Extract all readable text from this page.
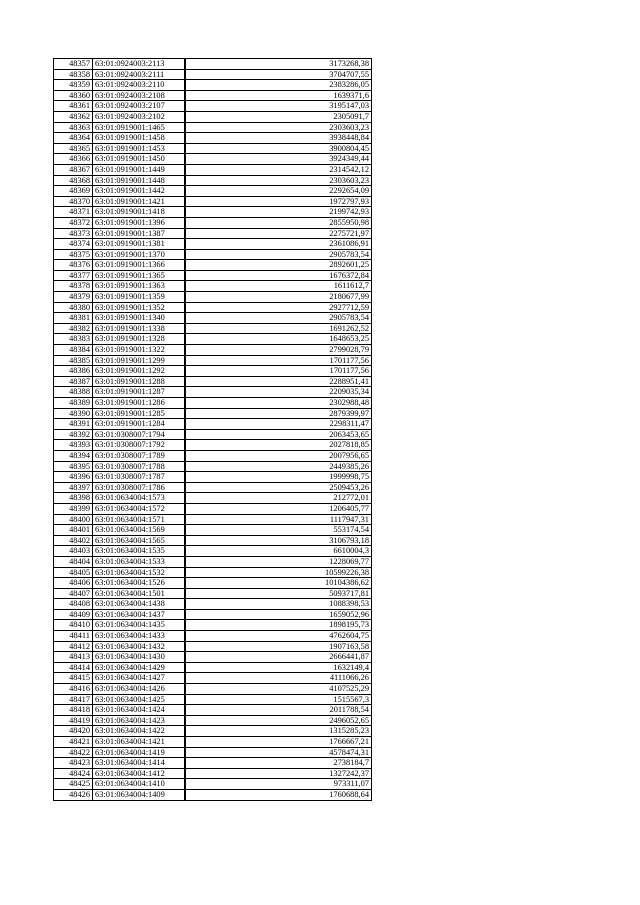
48357	63:01:0924003:2113	3173268,38
48358	63:01:0924003:2111	3704707,55
48359	63:01:0924003:2110	2383286,05
48360	63:01:0924003:2108	1639371,6
48361	63:01:0924003:2107	3195147,03
48362	63:01:0924003:2102	2305091,7
48363	63:01:0919001:1465	2303603,23
48364	63:01:0919001:1458	3938448,84
48365	63:01:0919001:1453	3900804,45
48366	63:01:0919001:1450	3924349,44
48367	63:01:0919001:1449	2314542,12
48368	63:01:0919001:1448	2303603,23
48369	63:01:0919001:1442	2292654,09
48370	63:01:0919001:1421	1972797,93
48371	63:01:0919001:1418	2199742,93
48372	63:01:0919001:1396	2855950,98
48373	63:01:0919001:1387	2275721,97
48374	63:01:0919001:1381	2361086,91
48375	63:01:0919001:1370	2905783,54
48376	63:01:0919001:1366	2892601,25
48377	63:01:0919001:1365	1676372,84
48378	63:01:0919001:1363	1611612,7
48379	63:01:0919001:1359	2180677,99
48380	63:01:0919001:1352	2927712,59
48381	63:01:0919001:1340	2905783,54
48382	63:01:0919001:1338	1691262,52
48383	63:01:0919001:1328	1648653,25
48384	63:01:0919001:1322	2799028,79
48385	63:01:0919001:1299	1701177,56
48386	63:01:0919001:1292	1701177,56
48387	63:01:0919001:1288	2288951,41
48388	63:01:0919001:1287	2209035,34
48389	63:01:0919001:1286	2302988,48
48390	63:01:0919001:1285	2879399,97
48391	63:01:0919001:1284	2298311,47
48392	63:01:0308007:1794	2063453,65
48393	63:01:0308007:1792	2027818,85
48394	63:01:0308007:1789	2007956,65
48395	63:01:0308007:1788	2449385,26
48396	63:01:0308007:1787	1999998,75
48397	63:01:0308007:1786	2509453,26
48398	63:01:0634004:1573	212772,01
48399	63:01:0634004:1572	1206405,77
48400	63:01:0634004:1571	1117947,31
48401	63:01:0634004:1569	553174,54
48402	63:01:0634004:1565	3106793,18
48403	63:01:0634004:1535	6610004,3
48404	63:01:0634004:1533	1228069,77
48405	63:01:0634004:1532	10599226,38
48406	63:01:0634004:1526	10104386,62
48407	63:01:0634004:1501	5093717,81
48408	63:01:0634004:1438	1088398,53
48409	63:01:0634004:1437	1659052,96
48410	63:01:0634004:1435	1898195,73
48411	63:01:0634004:1433	4762604,75
48412	63:01:0634004:1432	1907163,58
48413	63:01:0634004:1430	2666441,87
48414	63:01:0634004:1429	1632149,4
48415	63:01:0634004:1427	4111066,26
48416	63:01:0634004:1426	4107525,29
48417	63:01:0634004:1425	1515567,3
48418	63:01:0634004:1424	2011788,54
48419	63:01:0634004:1423	2496052,65
48420	63:01:0634004:1422	1315285,23
48421	63:01:0634004:1421	1766667,21
48422	63:01:0634004:1419	4578474,31
48423	63:01:0634004:1414	2738184,7
48424	63:01:0634004:1412	1327242,37
48425	63:01:0634004:1410	973311,07
48426	63:01:0634004:1409	1760688,64
